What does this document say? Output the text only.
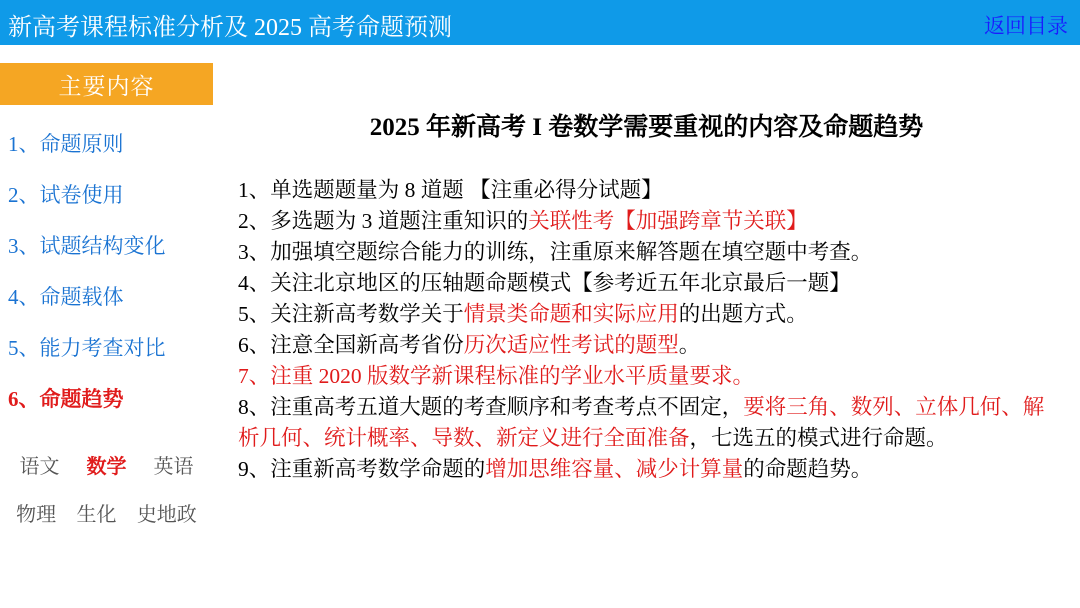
新高考课程标准分析及 2025 高考命题预测	返回目录
主要内容
1、命题原则
2、试卷使用
3、试题结构变化
4、命题载体
5、能力考查对比
6、命题趋势
语文 数学 英语
物理 生化 史地政
2025 年新高考 I 卷数学需要重视的内容及命题趋势
1、单选题题量为 8 道题 【注重必得分试题】
2、多选题为 3 道题注重知识的关联性考【加强跨章节关联】
3、加强填空题综合能力的训练，注重原来解答题在填空题中考查。
4、关注北京地区的压轴题命题模式【参考近五年北京最后一题】
5、关注新高考数学关于情景类命题和实际应用的出题方式。
6、注意全国新高考省份历次适应性考试的题型。
7、注重 2020 版数学新课程标准的学业水平质量要求。
8、注重高考五道大题的考查顺序和考查考点不固定，要将三角、数列、立体几何、解析几何、统计概率、导数、新定义进行全面准备，七选五的模式进行命题。
9、注重新高考数学命题的增加思维容量、减少计算量的命题趋势。
